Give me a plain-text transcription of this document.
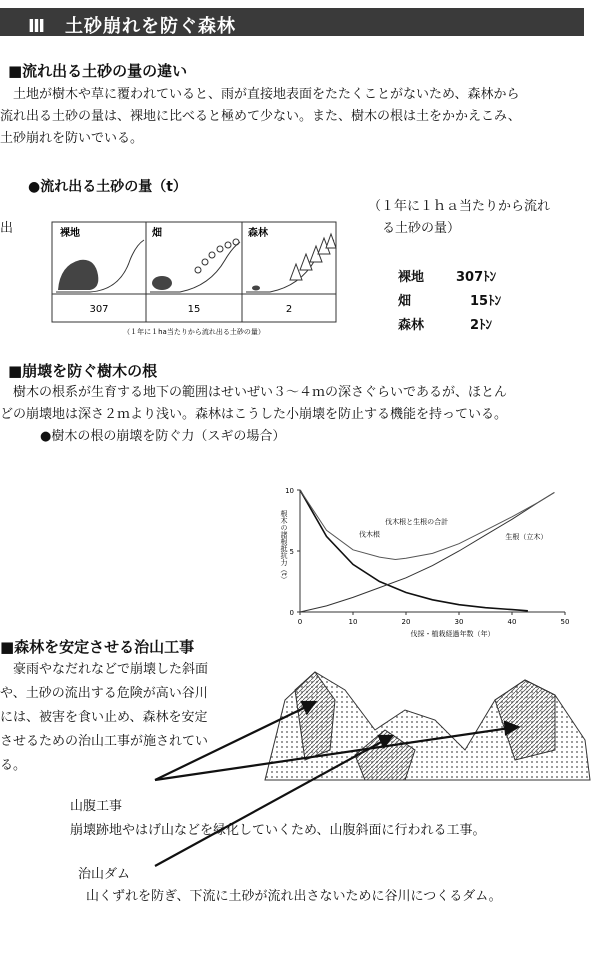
Ⅲ　土砂崩れを防ぐ森林
■流れ出る土砂の量の違い
　土地が樹木や草に覆われていると、雨が直接地表面をたたくことがないため、森林から
流れ出る土砂の量は、裸地に比べると極めて少ない。また、樹木の根は土をかかえこみ、
土砂崩れを防いでいる。
●流れ出る土砂の量（t）
（１年に１ｈａ当たりから流れ
る土砂の量）
出	裸地	畑	森林
307	15	2
（１年に１ha当たりから流れ出る土砂の量）
裸地 307ﾄﾝ
畑	15ﾄﾝ
森林	2ﾄﾝ
■崩壊を防ぐ樹木の根
　樹木の根系が生育する地下の範囲はせいぜい３～４ｍの深さぐらいであるが、ほとん
どの崩壊地は深さ２ｍより浅い。森林はこうした小崩壊を防止する機能を持っている。
●樹木の根の崩壊を防ぐ力（スギの場合）
0	10	20	30	40	50
0
5
10
伐採・植栽経過年数（年）
根木の諸根抵抗力（t）	伐木根	生根（立木）
伐木根と生根の合計
■森林を安定させる治山工事
　豪雨やなだれなどで崩壊した斜面
や、土砂の流出する危険が高い谷川
には、被害を食い止め、森林を安定
させるための治山工事が施されてい
る。
山腹工事
崩壊跡地やはげ山などを緑化していくため、山腹斜面に行われる工事。
治山ダム
山くずれを防ぎ、下流に土砂が流れ出さないために谷川につくるダム。
